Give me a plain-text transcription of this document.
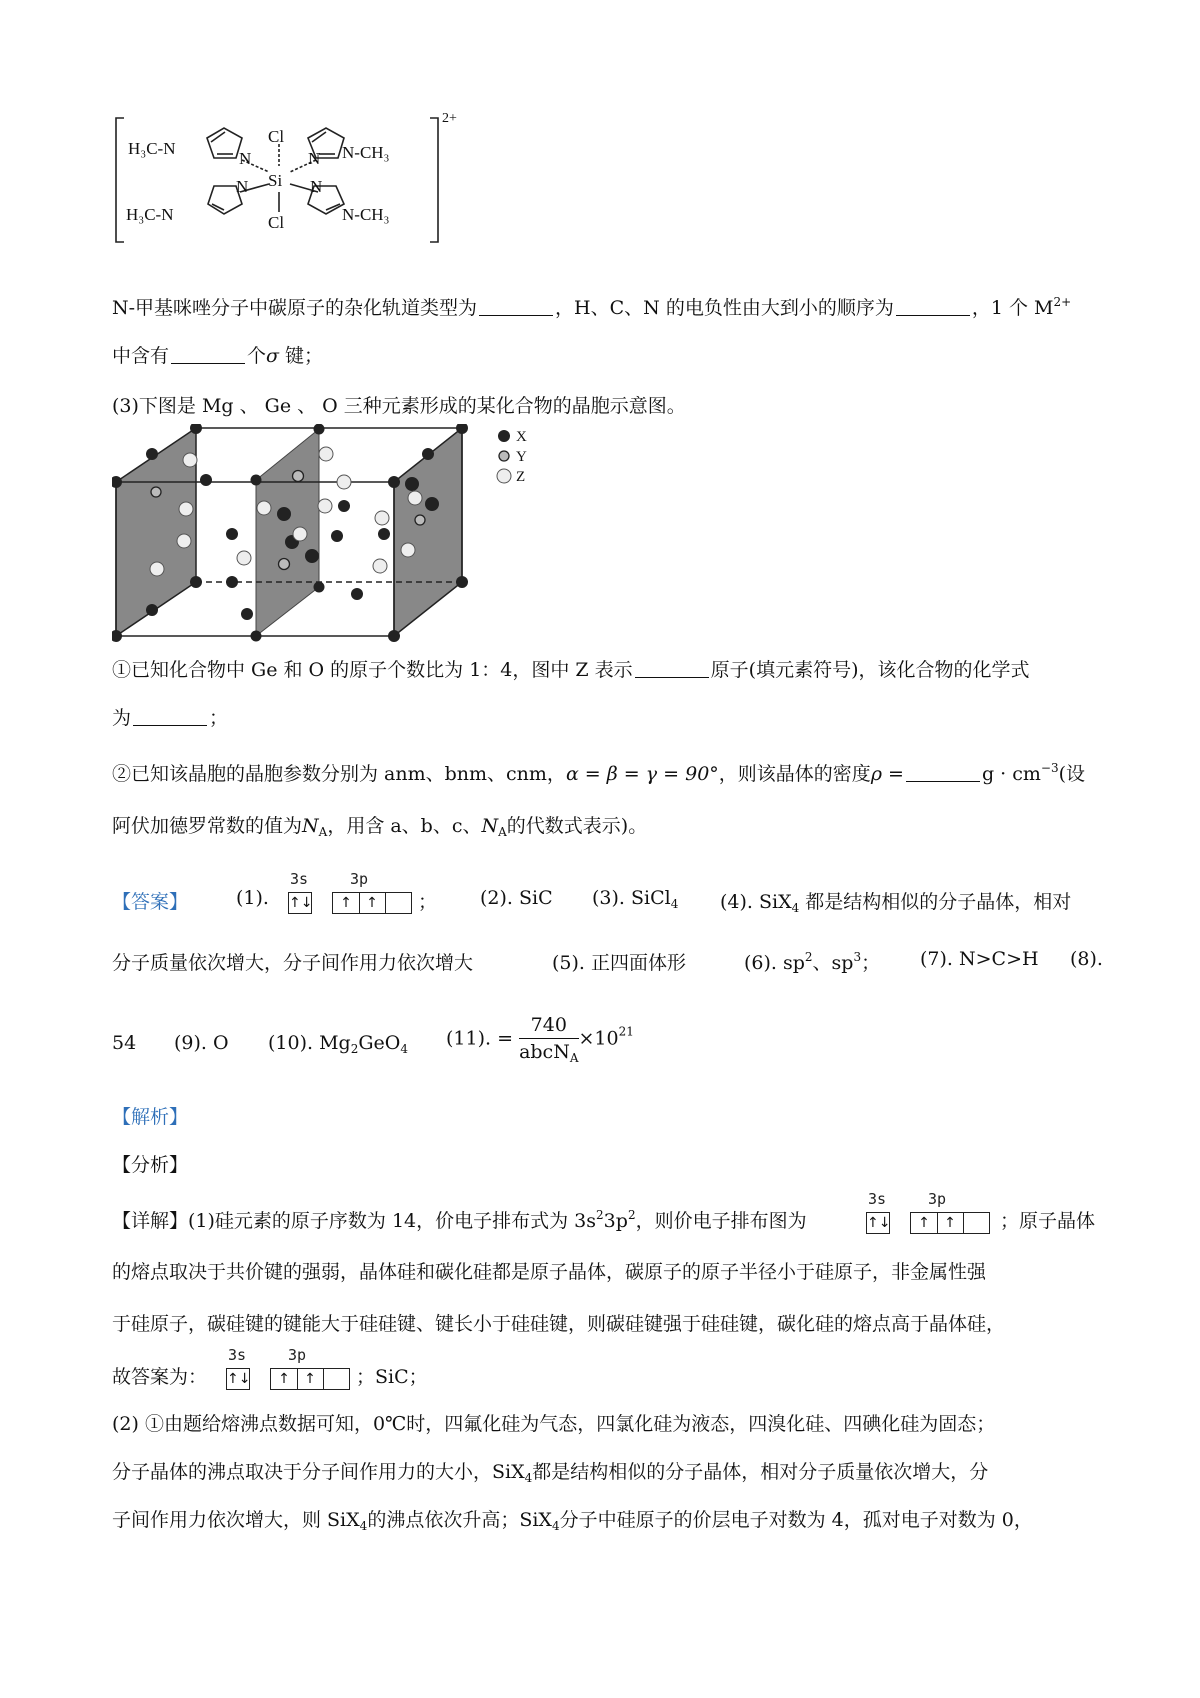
H₃C-N
H₃C-N
N-CH₃
N-CH₃
Si
Cl
Cl
N	N
N	N
2+
N-甲基咪唑分子中碳原子的杂化轨道类型为	，H、C、N 的电负性由大到小的顺序为	，1 个 $M^{2+}$
中含有	个σ 键；
(3)下图是 Mg 、 Ge 、 O 三种元素形成的某化合物的晶胞示意图。
X
Y
Z
①已知化合物中 Ge 和 O 的原子个数比为 1：4，图中 Z 表示	原子(填元素符号)，该化合物的化学式
为	；
②已知该晶胞的晶胞参数分别为 anm、bnm、cnm，α = β = γ = 90°，则该晶体的密度ρ =	$g \cdot cm^{-3}$(设
阿伏加德罗常数的值为$N_A$，用含 a、b、c、$N_A$的代数式表示)。
【答案】	(1).
3s	3p
↑↓	↑	↑	； (2). SiC (3). SiCl$_4$ (4). SiX$_4$ 都是结构相似的分子晶体，相对
分子质量依次增大，分子间作用力依次增大	(5). 正四面体形	(6). $sp^2$、$sp^3$； (7). N>C>H (8).
54 (9). O (10). $Mg_2GeO_4$ (11). = $\frac{740}{abcN_A} \times 10^{21}$
【解析】
【分析】
【详解】(1)硅元素的原子序数为 14，价电子排布式为 $3s^23p^2$，则价电子排布图为
3s	3p
↑↓	↑	↑	；原子晶体
的熔点取决于共价键的强弱，晶体硅和碳化硅都是原子晶体，碳原子的原子半径小于硅原子，非金属性强
于硅原子，碳硅键的键能大于硅硅键、键长小于硅硅键，则碳硅键强于硅硅键，碳化硅的熔点高于晶体硅，
故答案为：
3s	3p
↑↓	↑	↑	；SiC；
(2) ①由题给熔沸点数据可知，0℃时，四氟化硅为气态，四氯化硅为液态，四溴化硅、四碘化硅为固态；
分子晶体的沸点取决于分子间作用力的大小，SiX$_4$都是结构相似的分子晶体，相对分子质量依次增大，分
子间作用力依次增大，则 SiX$_4$的沸点依次升高；SiX$_4$分子中硅原子的价层电子对数为 4，孤对电子对数为 0，
